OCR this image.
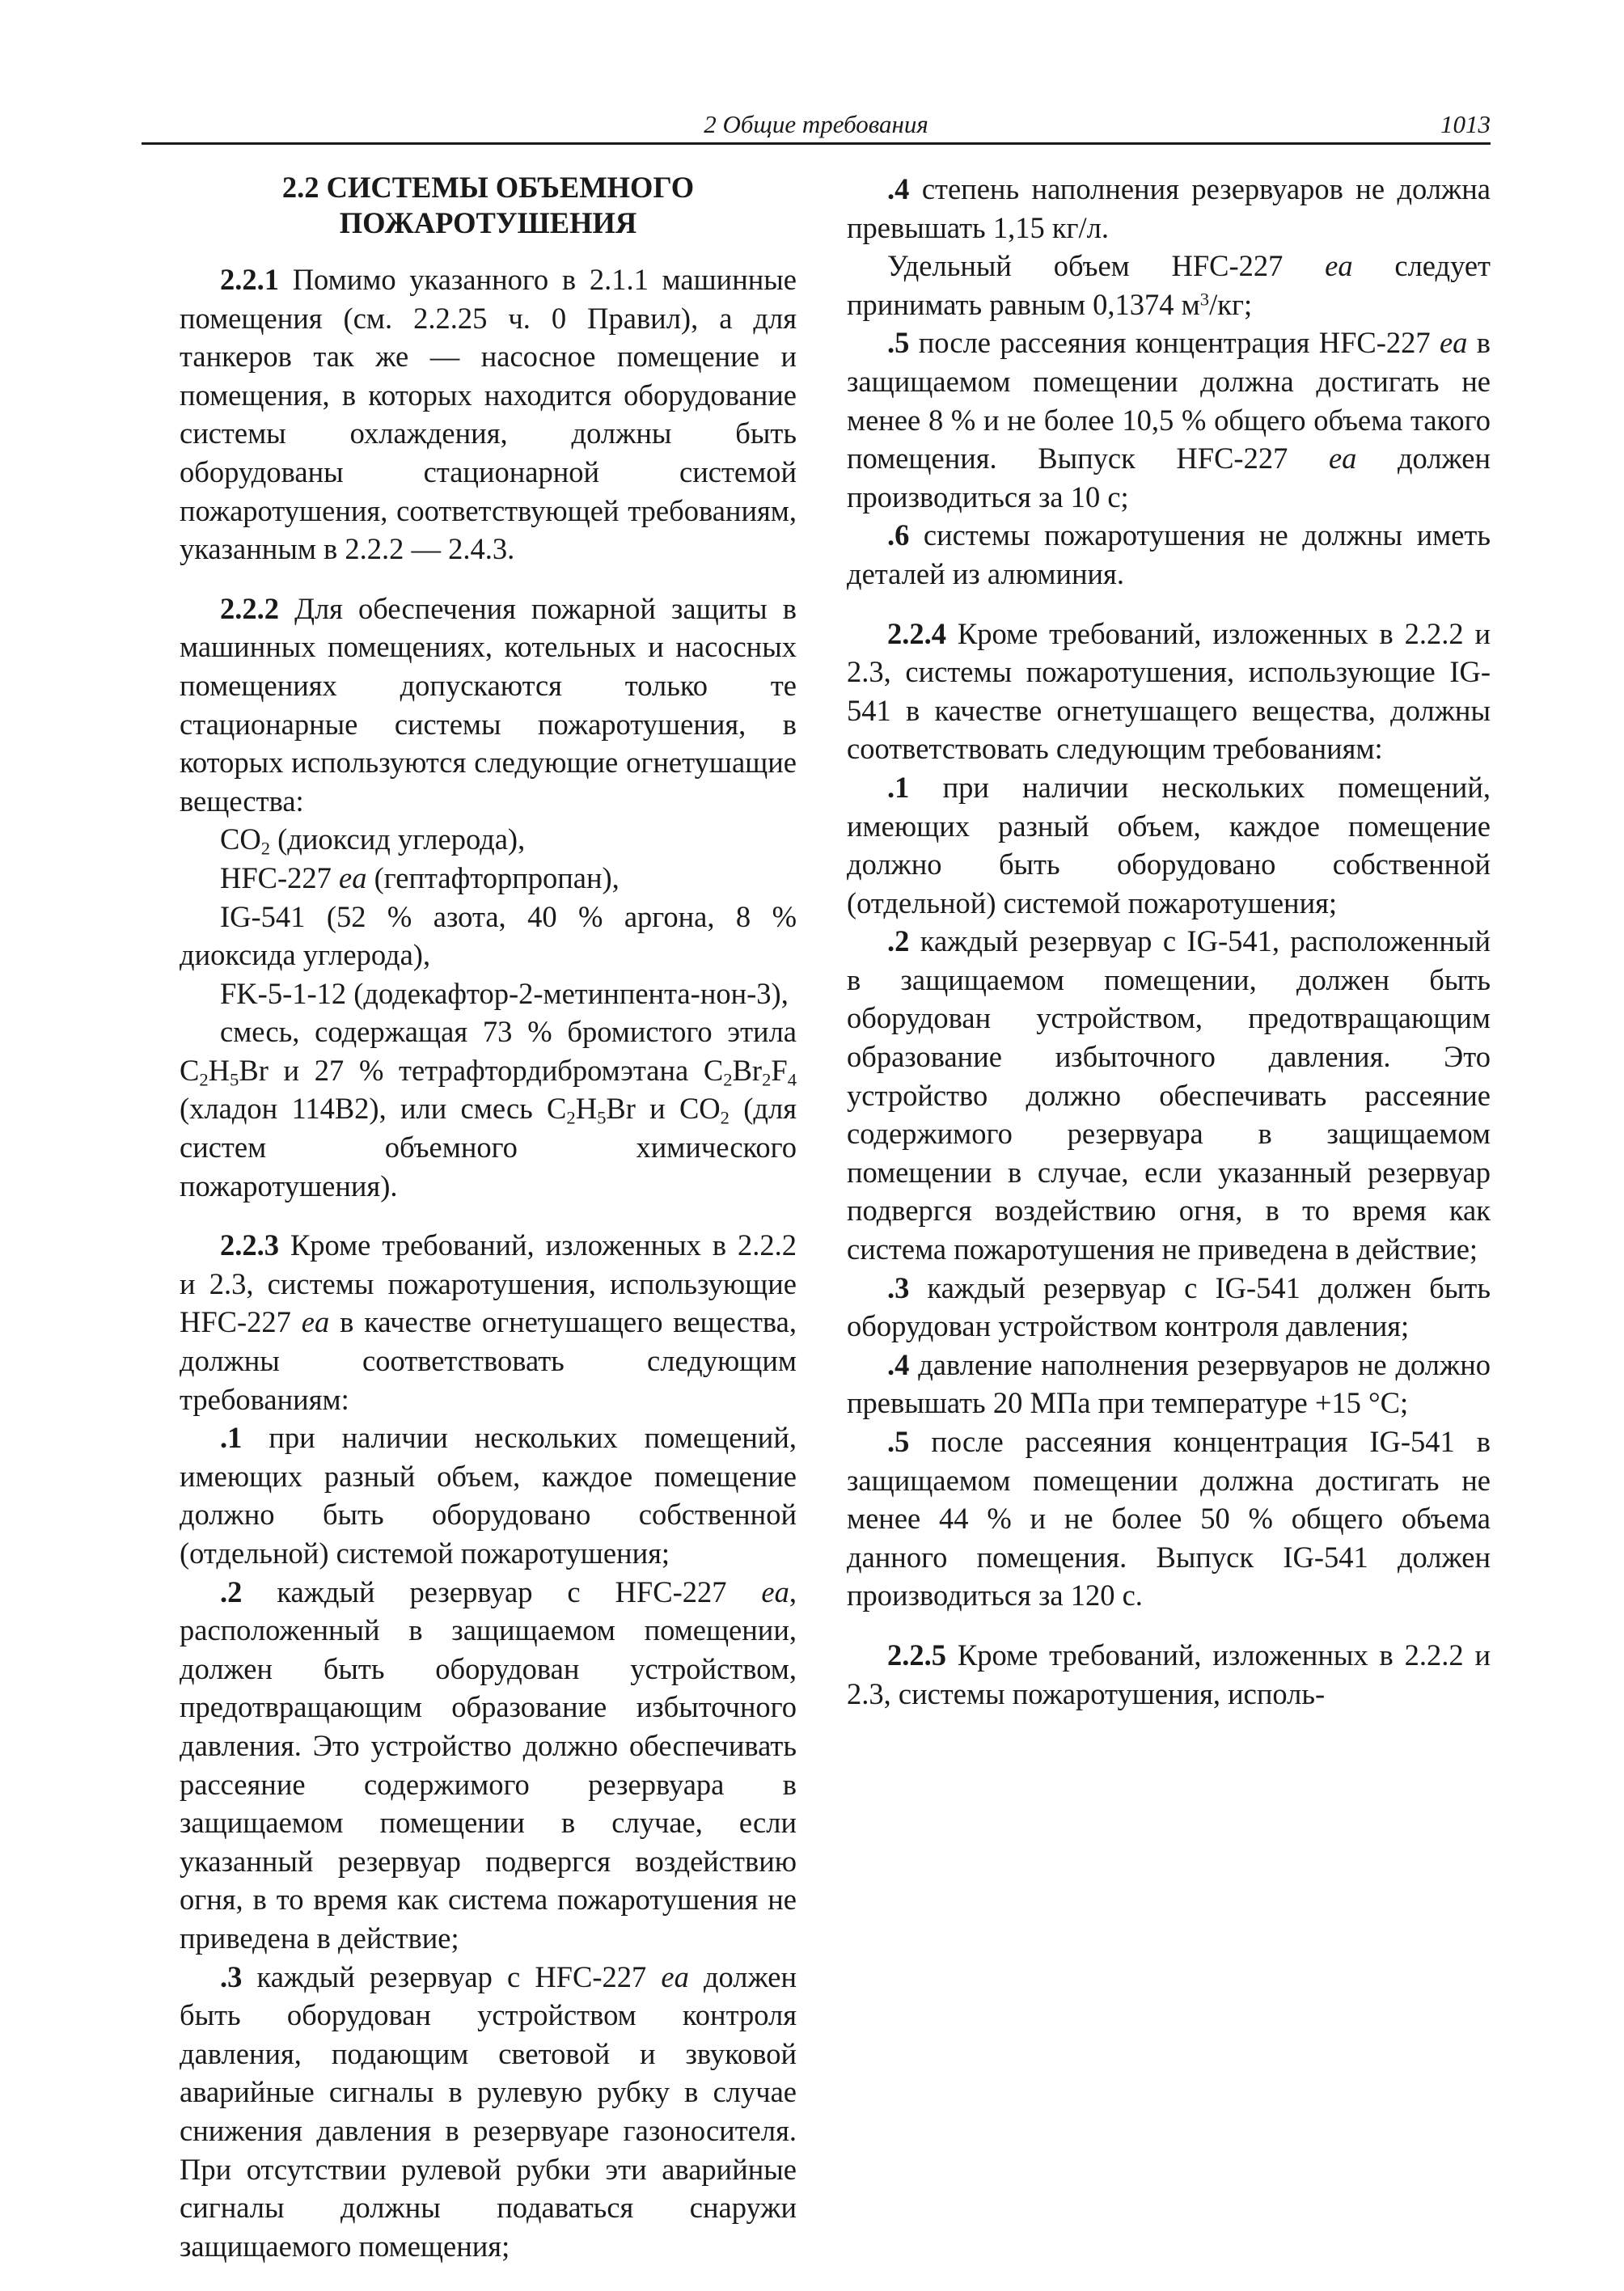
2 Общие требования	1013
2.2 СИСТЕМЫ ОБЪЕМНОГО
ПОЖАРОТУШЕНИЯ

2.2.1 Помимо указанного в 2.1.1 машинные помещения (см. 2.2.25 ч. 0 Правил), а для танкеров так же — насосное помещение и помещения, в которых находится оборудование системы охлаждения, должны быть оборудованы стационарной системой пожаротушения, соответствующей требованиям, указанным в 2.2.2 — 2.4.3.

2.2.2 Для обеспечения пожарной защиты в машинных помещениях, котельных и насосных помещениях допускаются только те стационарные системы пожаротушения, в которых используются следующие огнетушащие вещества:

$CO_2$ (диоксид углерода),

HFC-227 ea (гептафторпропан),

IG-541 (52 % азота, 40 % аргона, 8 % диоксида углерода),

FK-5-1-12 (додекафтор-2-метинпента-нон-3),

смесь, содержащая 73 % бромистого этила $C_2H_5Br$ и 27 % тетрафтордибромэтана $C_2Br_2F_4$ (хладон 114В2), или смесь $C_2H_5Br$ и $CO_2$ (для систем объемного химического пожаротушения).

2.2.3 Кроме требований, изложенных в 2.2.2 и 2.3, системы пожаротушения, использующие HFC-227 ea в качестве огнетушащего вещества, должны соответствовать следующим требованиям:

.1 при наличии нескольких помещений, имеющих разный объем, каждое помещение должно быть оборудовано собственной (отдельной) системой пожаротушения;

.2 каждый резервуар с HFC-227 ea, расположенный в защищаемом помещении, должен быть оборудован устройством, предотвращающим образование избыточного давления. Это устройство должно обеспечивать рассеяние содержимого резервуара в защищаемом помещении в случае, если указанный резервуар подвергся воздействию огня, в то время как система пожаротушения не приведена в действие;

.3 каждый резервуар с HFC-227 ea должен быть оборудован устройством контроля давления, подающим световой и звуковой аварийные сигналы в рулевую рубку в случае снижения давления в резервуаре газоносителя. При отсутствии рулевой рубки эти аварийные сигналы должны подаваться снаружи защищаемого помещения;

.4 степень наполнения резервуаров не должна превышать 1,15 кг/л.

Удельный объем HFC-227 ea следует принимать равным 0,1374 $м^3/кг$;

.5 после рассеяния концентрация HFC-227 ea в защищаемом помещении должна достигать не менее 8 % и не более 10,5 % общего объема такого помещения. Выпуск HFC-227 ea должен производиться за 10 с;

.6 системы пожаротушения не должны иметь деталей из алюминия.

2.2.4 Кроме требований, изложенных в 2.2.2 и 2.3, системы пожаротушения, использующие IG-541 в качестве огнетушащего вещества, должны соответствовать следующим требованиям:

.1 при наличии нескольких помещений, имеющих разный объем, каждое помещение должно быть оборудовано собственной (отдельной) системой пожаротушения;

.2 каждый резервуар с IG-541, расположенный в защищаемом помещении, должен быть оборудован устройством, предотвращающим образование избыточного давления. Это устройство должно обеспечивать рассеяние содержимого резервуара в защищаемом помещении в случае, если указанный резервуар подвергся воздействию огня, в то время как система пожаротушения не приведена в действие;

.3 каждый резервуар с IG-541 должен быть оборудован устройством контроля давления;

.4 давление наполнения резервуаров не должно превышать 20 МПа при температуре +15 °С;

.5 после рассеяния концентрация IG-541 в защищаемом помещении должна достигать не менее 44 % и не более 50 % общего объема данного помещения. Выпуск IG-541 должен производиться за 120 с.

2.2.5 Кроме требований, изложенных в 2.2.2 и 2.3, системы пожаротушения, исполь-
